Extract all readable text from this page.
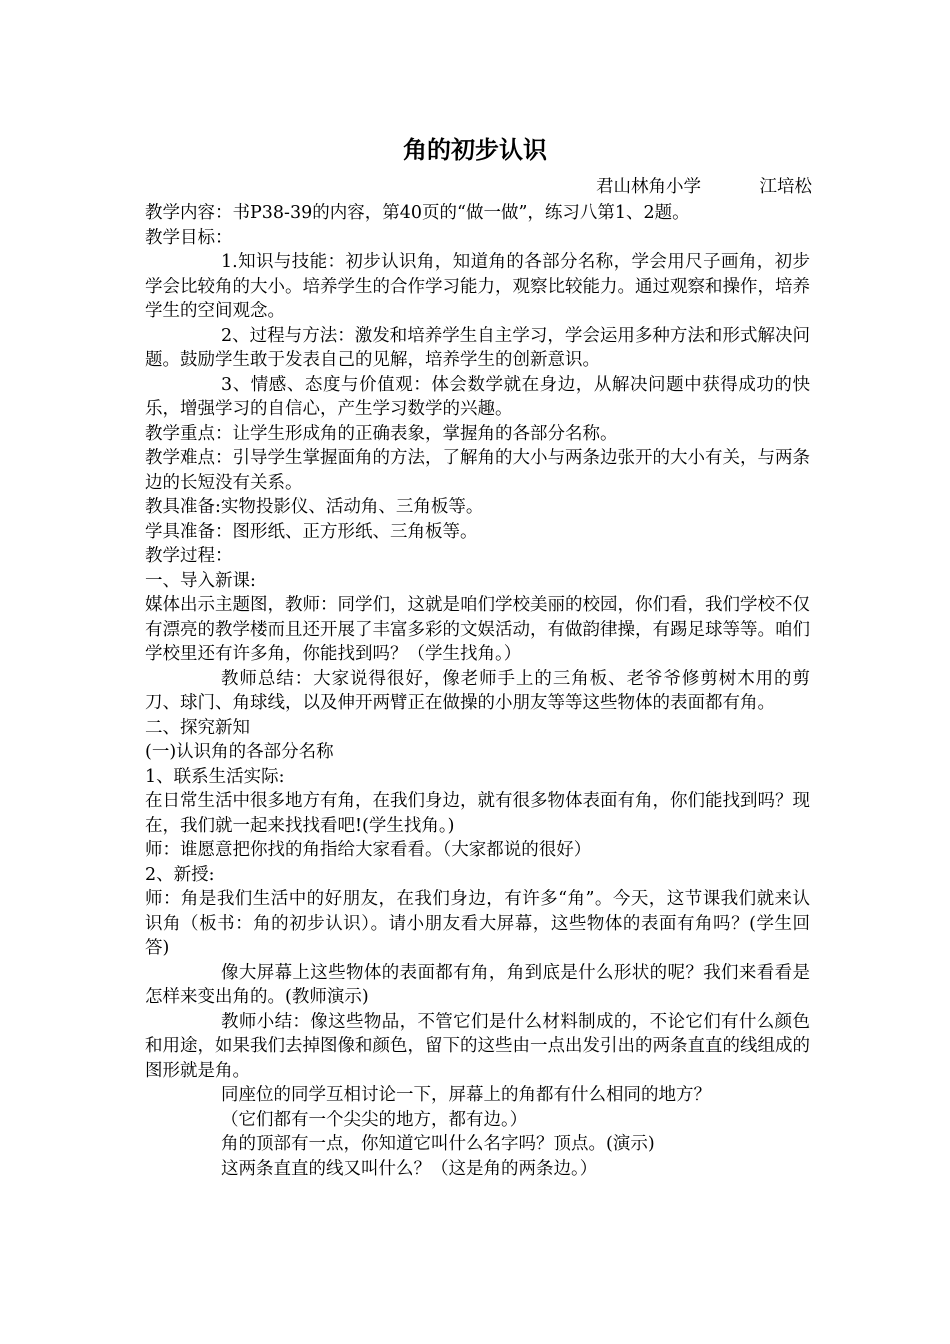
角的初步认识
君山林角小学	江培松

教学内容：书P38-39的内容，第40页的“做一做”，练习八第1、2题。

教学目标：

1.知识与技能：初步认识角，知道角的各部分名称，学会用尺子画角，初步学会比较角的大小。培养学生的合作学习能力，观察比较能力。通过观察和操作，培养学生的空间观念。

2、过程与方法：激发和培养学生自主学习，学会运用多种方法和形式解决问题。鼓励学生敢于发表自己的见解，培养学生的创新意识。

3、情感、态度与价值观：体会数学就在身边，从解决问题中获得成功的快乐，增强学习的自信心，产生学习数学的兴趣。

教学重点：让学生形成角的正确表象，掌握角的各部分名称。

教学难点：引导学生掌握面角的方法，了解角的大小与两条边张开的大小有关，与两条边的长短没有关系。

教具准备:实物投影仪、活动角、三角板等。

学具准备：图形纸、正方形纸、三角板等。

教学过程：

一、导入新课:

媒体出示主题图，教师：同学们，这就是咱们学校美丽的校园，你们看，我们学校不仅有漂亮的教学楼而且还开展了丰富多彩的文娱活动，有做韵律操，有踢足球等等。咱们学校里还有许多角，你能找到吗？（学生找角。）

教师总结：大家说得很好，像老师手上的三角板、老爷爷修剪树木用的剪刀、球门、角球线，以及伸开两臂正在做操的小朋友等等这些物体的表面都有角。

二、探究新知

(一)认识角的各部分名称

1、联系生活实际:

在日常生活中很多地方有角，在我们身边，就有很多物体表面有角，你们能找到吗？现在，我们就一起来找找看吧!(学生找角。)

师：谁愿意把你找的角指给大家看看。（大家都说的很好）

2、新授:

师：角是我们生活中的好朋友，在我们身边，有许多“角”。今天，这节课我们就来认识角（板书：角的初步认识）。请小朋友看大屏幕，这些物体的表面有角吗？(学生回答)

像大屏幕上这些物体的表面都有角，角到底是什么形状的呢？我们来看看是怎样来变出角的。(教师演示)

教师小结：像这些物品，不管它们是什么材料制成的，不论它们有什么颜色和用途，如果我们去掉图像和颜色，留下的这些由一点出发引出的两条直直的线组成的图形就是角。

同座位的同学互相讨论一下，屏幕上的角都有什么相同的地方？

（它们都有一个尖尖的地方，都有边。）

角的顶部有一点，你知道它叫什么名字吗？顶点。(演示)

这两条直直的线又叫什么？（这是角的两条边。）
